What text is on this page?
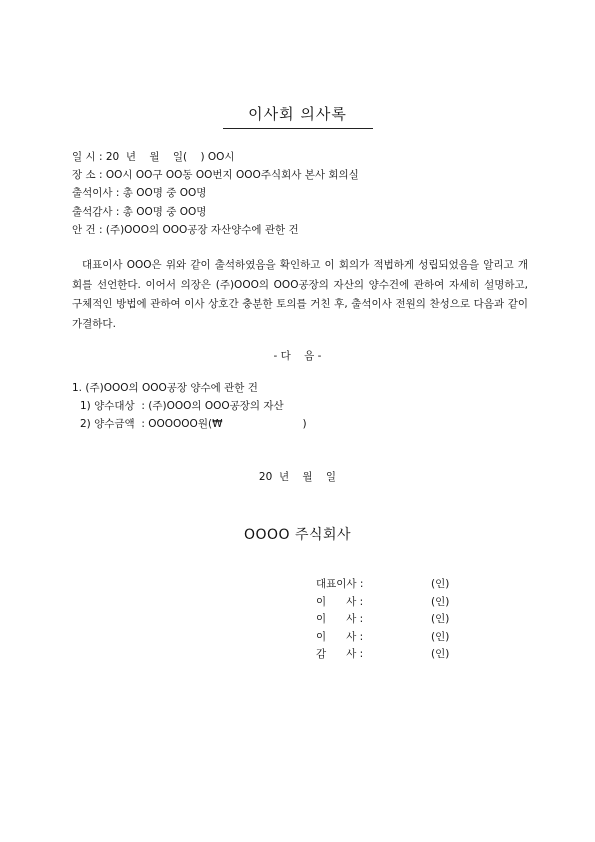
이사회 의사록
일 시 : 20  년    월    일(    ) OO시
장 소 : OO시 OO구 OO동 OO번지 OOO주식회사 본사 회의실
출석이사 : 총 OO명 중 OO명
출석감사 : 총 OO명 중 OO명
안 건 : (주)OOO의 OOO공장 자산양수에 관한 건
대표이사 OOO은 위와 같이 출석하였음을 확인하고 이 회의가 적법하게 성립되었음을 알리고 개회를 선언한다. 이어서 의장은 (주)OOO의 OOO공장의 자산의 양수건에 관하여 자세히 설명하고, 구체적인 방법에 관하여 이사 상호간 충분한 토의를 거친 후, 출석이사 전원의 찬성으로 다음과 같이 가결하다.
- 다    음 -
1. (주)OOO의 OOO공장 양수에 관한 건
1) 양수대상  : (주)OOO의 OOO공장의 자산
2) 양수금액  : OOOOOO원(₩                        )
20  년    월    일
OOOO 주식회사
대표이사 :	(인)
이      사 :	(인)
이      사 :	(인)
이      사 :	(인)
감      사 :	(인)
